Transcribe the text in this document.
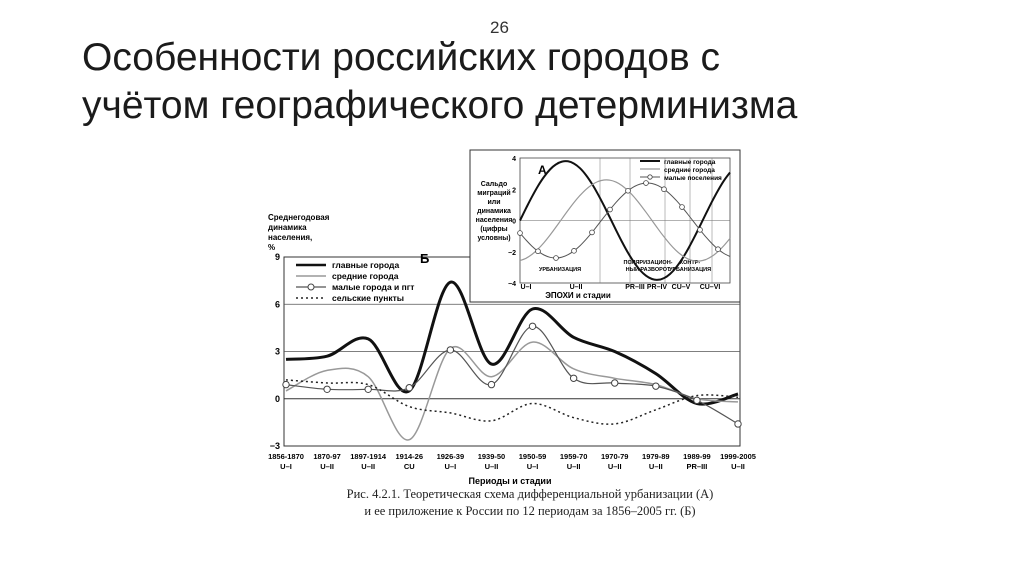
26
Особенности российских городов с
учётом географического детерминизма
−3
0
3
6
9
Среднегодовая
динамика
населения,
%
1856-1870
U–I
1870-97
U–II
1897-1914
U–II
1914-26
CU
1926-39
U–I
1939-50
U–II
1950-59
U–I
1959-70
U–II
1970-79
U–II
1979-89
U–II
1989-99
PR–III
1999-2005
U–II
Б
Периоды и стадии
главные города
средние города
малые города и пгт
сельские пункты
−4
−2
0
2
4
Сальдо
миграций
или
динамика
населения
(цифры
условны)
U–I	U–II	PR–III PR–IV CU–V CU–VI
УРБАНИЗАЦИЯ
ПОЛЯРИЗАЦИОН-
НЫЙ РАЗВОРОТ
КОНТР-
УРБАНИЗАЦИЯ
А
ЭПОХИ и стадии
главные города
средние города
малые поселения
Рис. 4.2.1. Теоретическая схема дифференциальной урбанизации (А)
и ее приложение к России по 12 периодам за 1856–2005 гг. (Б)
